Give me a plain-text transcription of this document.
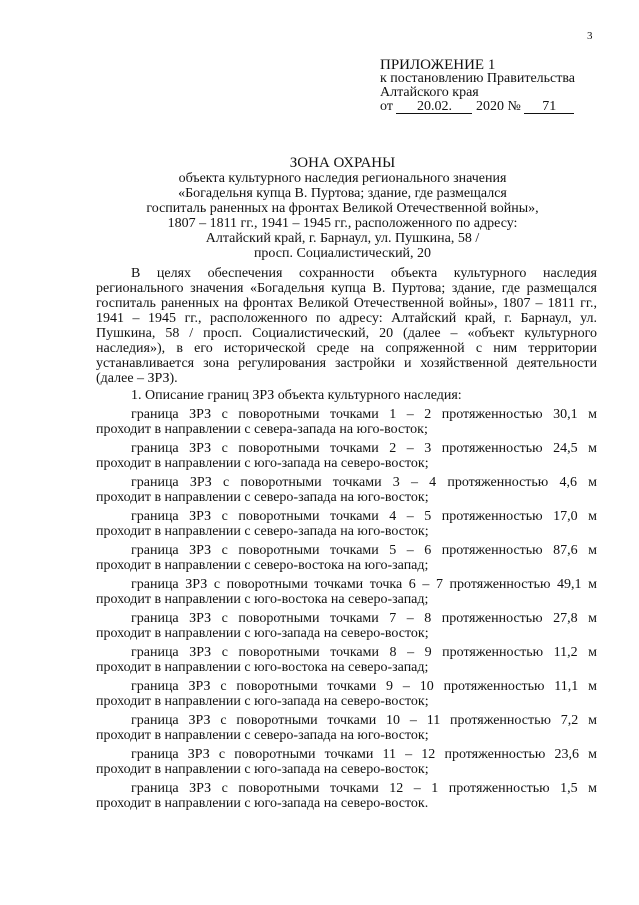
3
ПРИЛОЖЕНИЕ 1
к постановлению Правительства
Алтайского края
от 20.02. 2020 № 71
ЗОНА ОХРАНЫ
объекта культурного наследия регионального значения
«Богадельня купца В. Пуртова; здание, где размещался
госпиталь раненных на фронтах Великой Отечественной войны»,
1807 – 1811 гг., 1941 – 1945 гг., расположенного по адресу:
Алтайский край, г. Барнаул, ул. Пушкина, 58 /
просп. Социалистический, 20

В целях обеспечения сохранности объекта культурного наследия регионального значения «Богадельня купца В. Пуртова; здание, где размещался госпиталь раненных на фронтах Великой Отечественной войны», 1807 – 1811 гг., 1941 – 1945 гг., расположенного по адресу: Алтайский край, г. Барнаул, ул. Пушкина, 58 / просп. Социалистический, 20 (далее – «объект культурного наследия»), в его исторической среде на сопряженной с ним территории устанавливается зона регулирования застройки и хозяйственной деятельности (далее – ЗРЗ).

1. Описание границ ЗРЗ объекта культурного наследия:
граница ЗРЗ с поворотными точками 1 – 2 протяженностью 30,1 м
проходит в направлении с севера-запада на юго-восток;
граница ЗРЗ с поворотными точками 2 – 3 протяженностью 24,5 м
проходит в направлении с юго-запада на северо-восток;
граница ЗРЗ с поворотными точками 3 – 4 протяженностью 4,6 м
проходит в направлении с северо-запада на юго-восток;
граница ЗРЗ с поворотными точками 4 – 5 протяженностью 17,0 м
проходит в направлении с северо-запада на юго-восток;
граница ЗРЗ с поворотными точками 5 – 6 протяженностью 87,6 м
проходит в направлении с северо-востока на юго-запад;
граница ЗРЗ с поворотными точками точка 6 – 7 протяженностью 49,1 м
проходит в направлении с юго-востока на северо-запад;
граница ЗРЗ с поворотными точками 7 – 8 протяженностью 27,8 м
проходит в направлении с юго-запада на северо-восток;
граница ЗРЗ с поворотными точками 8 – 9 протяженностью 11,2 м
проходит в направлении с юго-востока на северо-запад;
граница ЗРЗ с поворотными точками 9 – 10 протяженностью 11,1 м
проходит в направлении с юго-запада на северо-восток;
граница ЗРЗ с поворотными точками 10 – 11 протяженностью 7,2 м
проходит в направлении с северо-запада на юго-восток;
граница ЗРЗ с поворотными точками 11 – 12 протяженностью 23,6 м
проходит в направлении с юго-запада на северо-восток;
граница ЗРЗ с поворотными точками 12 – 1 протяженностью 1,5 м
проходит в направлении с юго-запада на северо-восток.
